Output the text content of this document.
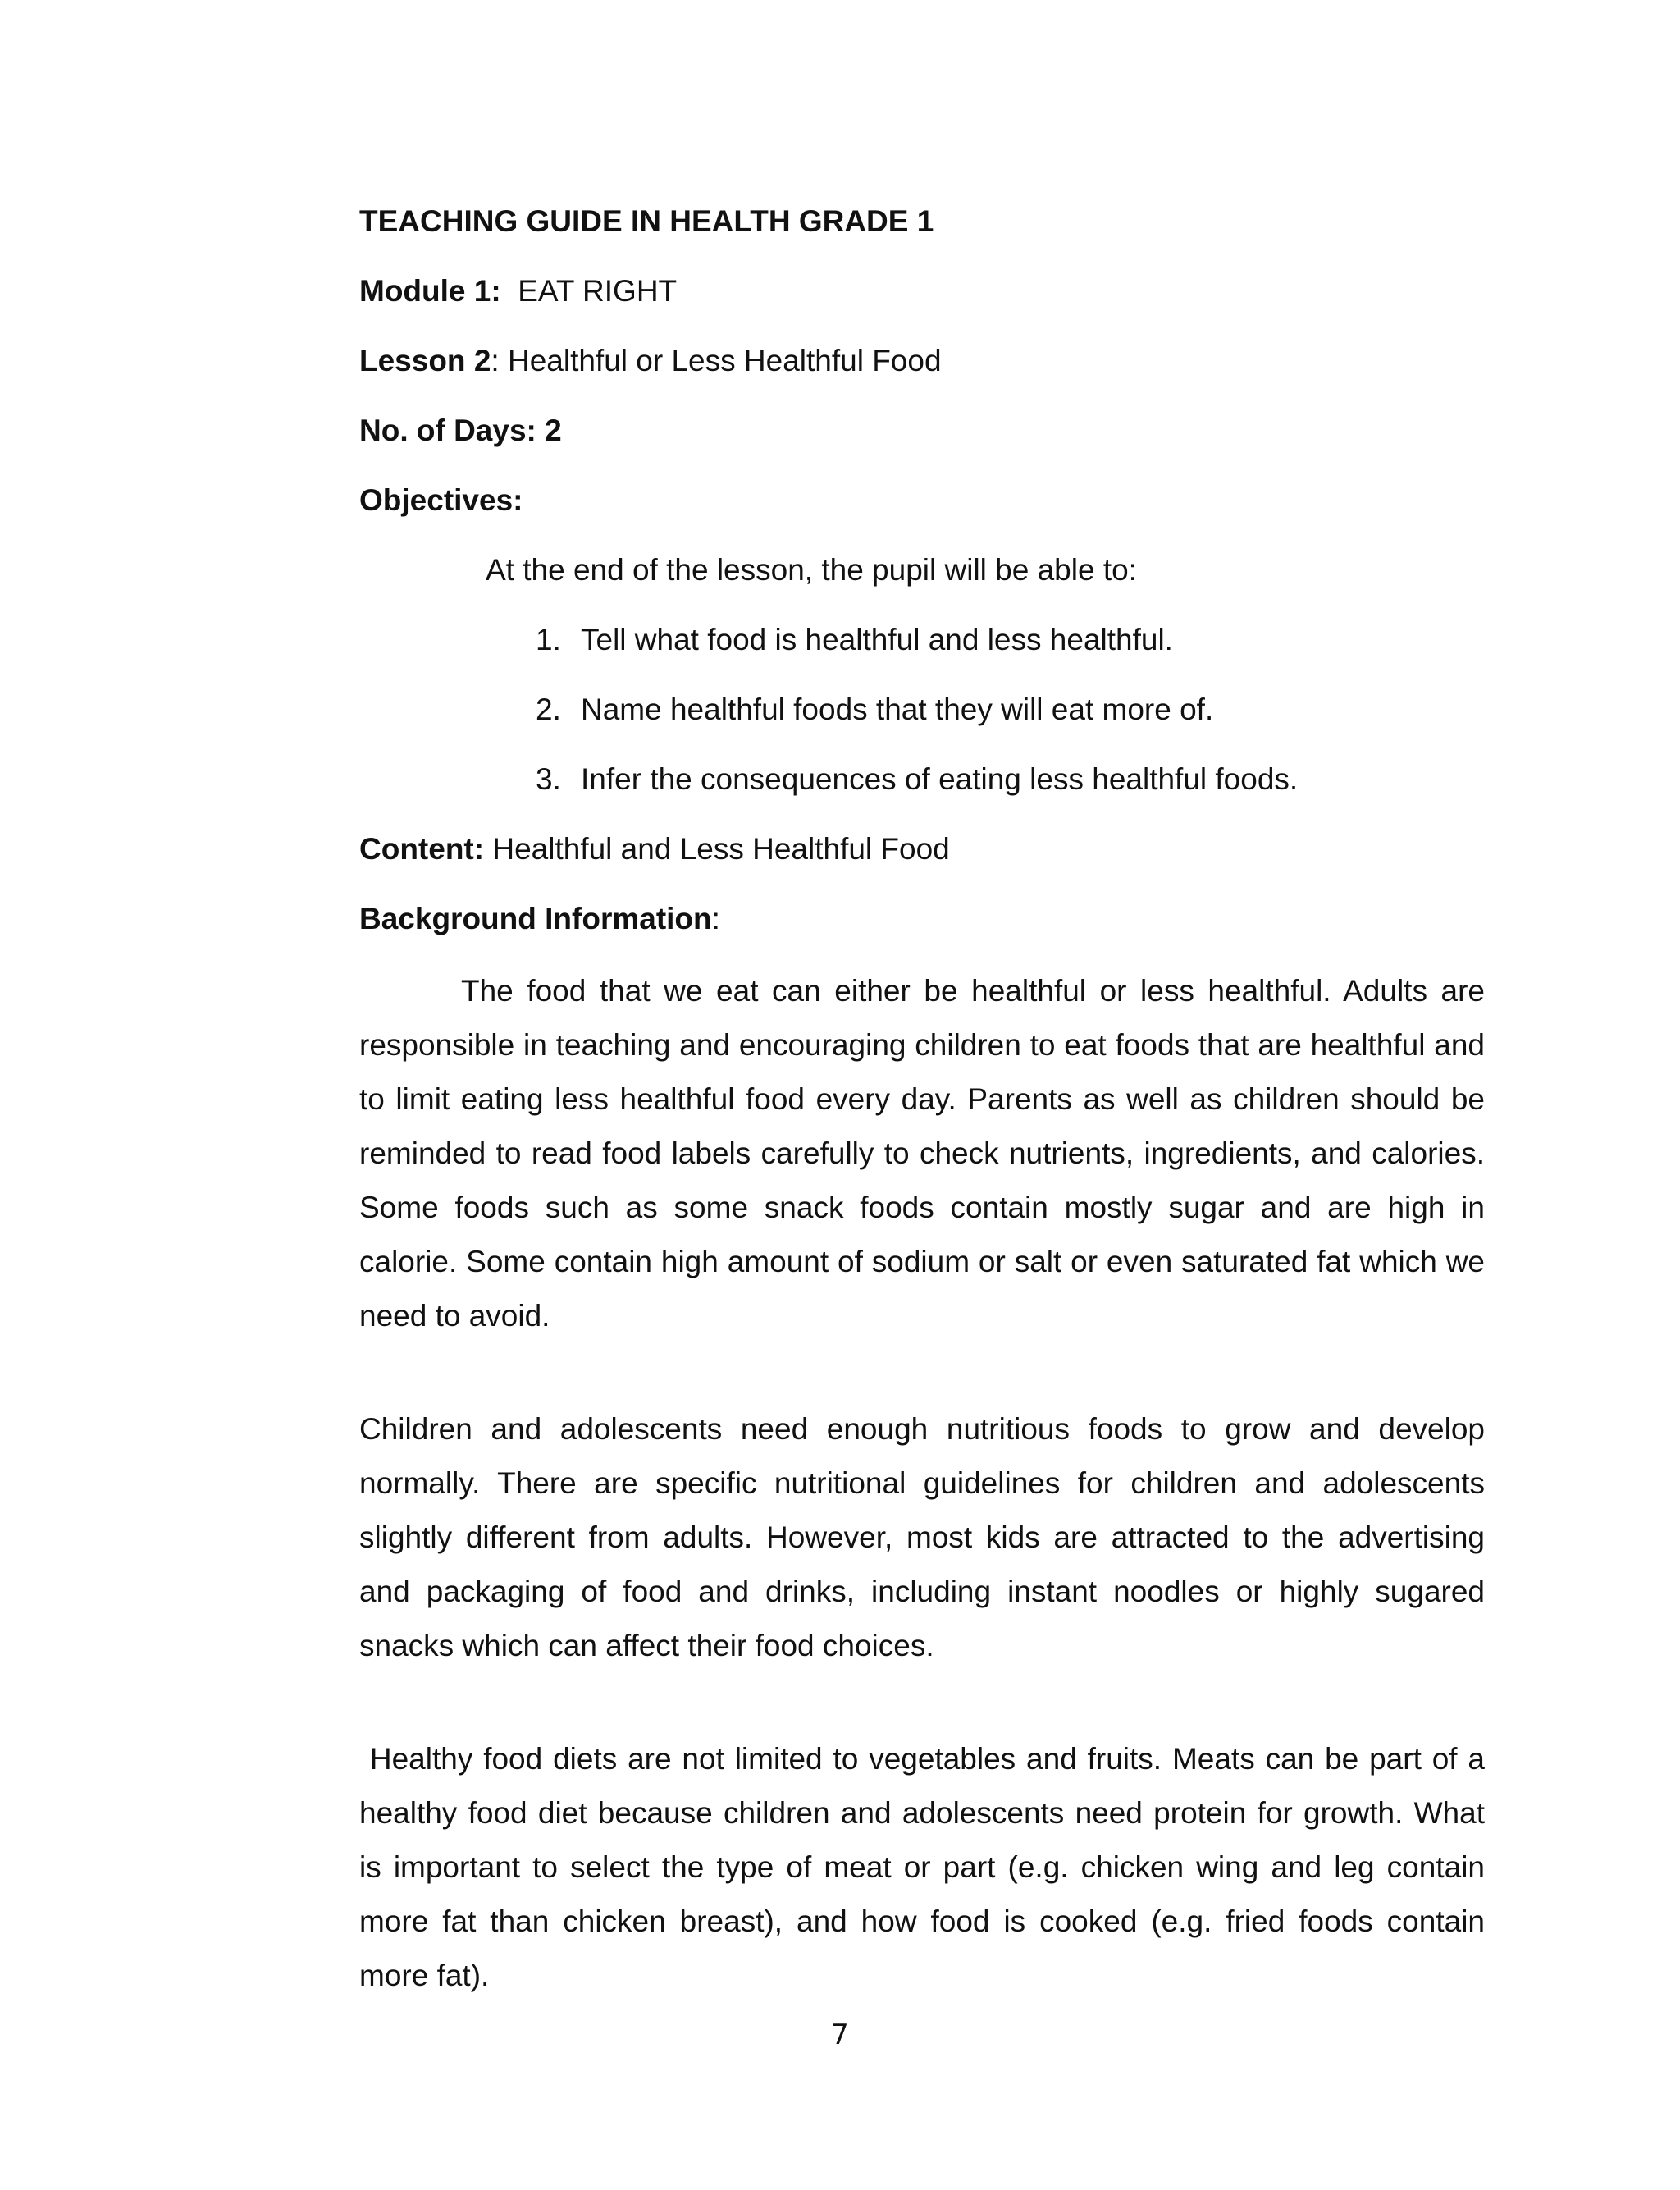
TEACHING GUIDE IN HEALTH GRADE 1
Module 1: EAT RIGHT
Lesson 2: Healthful or Less Healthful Food
No. of Days: 2
Objectives:
At the end of the lesson, the pupil will be able to:
1. Tell what food is healthful and less healthful.
2. Name healthful foods that they will eat more of.
3. Infer the consequences of eating less healthful foods.
Content: Healthful and Less Healthful Food
Background Information:

The food that we eat can either be healthful or less healthful. Adults are responsible in teaching and encouraging children to eat foods that are healthful and to limit eating less healthful food every day. Parents as well as children should be reminded to read food labels carefully to check nutrients, ingredients, and calories. Some foods such as some snack foods contain mostly sugar and are high in calorie. Some contain high amount of sodium or salt or even saturated fat which we need to avoid.

Children and adolescents need enough nutritious foods to grow and develop normally. There are specific nutritional guidelines for children and adolescents slightly different from adults. However, most kids are attracted to the advertising and packaging of food and drinks, including instant noodles or highly sugared snacks which can affect their food choices.

Healthy food diets are not limited to vegetables and fruits. Meats can be part of a healthy food diet because children and adolescents need protein for growth. What is important to select the type of meat or part (e.g. chicken wing and leg contain more fat than chicken breast), and how food is cooked (e.g. fried foods contain more fat).

7
